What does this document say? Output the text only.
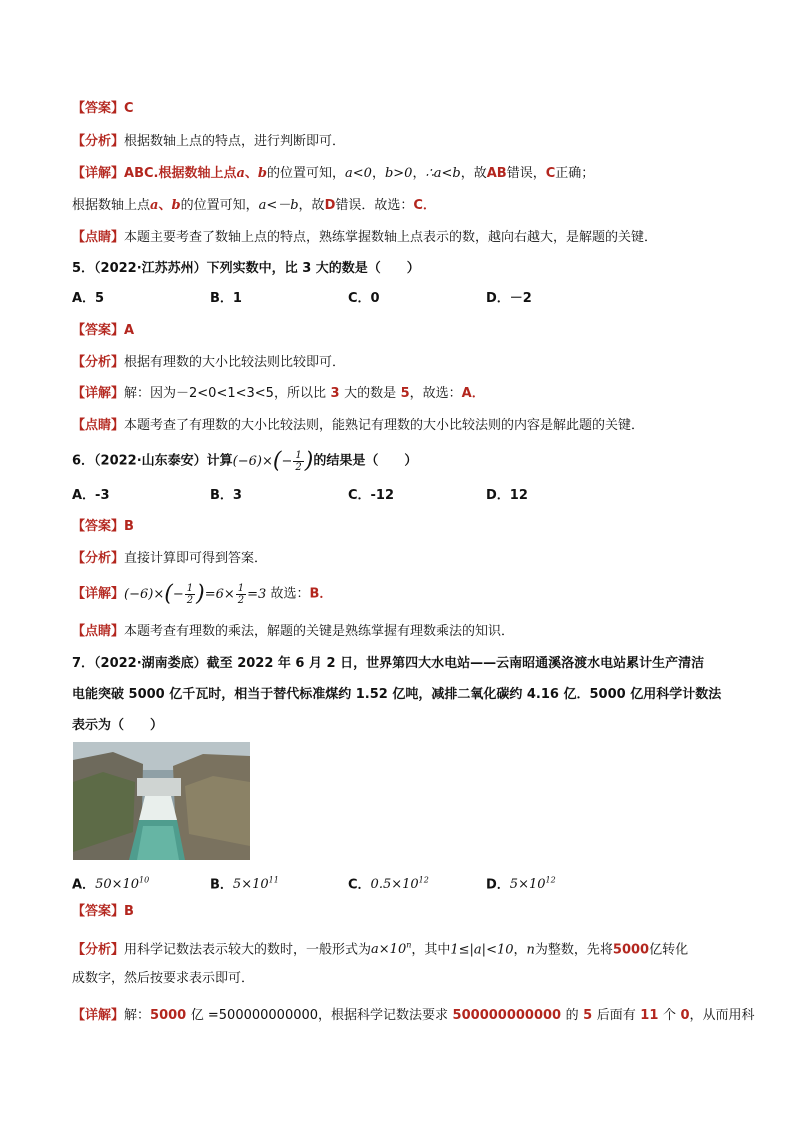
【答案】C
【分析】根据数轴上点的特点，进行判断即可．
【详解】ABC.根据数轴上点a、b的位置可知，a<0，b>0，∴a<b，故AB错误，C正确；
根据数轴上点a、b的位置可知，a<－b，故D错误．故选：C．
【点睛】本题主要考查了数轴上点的特点，熟练掌握数轴上点表示的数，越向右越大，是解题的关键．
5．（2022·江苏苏州）下列实数中，比 3 大的数是（　　）
A．5	B．1	C．0	D．－2
【答案】A
【分析】根据有理数的大小比较法则比较即可．
【详解】解：因为－2<0<1<3<5，所以比 3 大的数是 5，故选：A．
【点睛】本题考查了有理数的大小比较法则，能熟记有理数的大小比较法则的内容是解此题的关键．
6．（2022·山东泰安）计算$(-6)\times(- \frac{1}{2}$ )的结果是（　　）
A．-3	B．3	C．-12	D．12
【答案】B
【分析】直接计算即可得到答案．
【详解】$(-6)\times(- \frac{1}{2} )=6\times \frac{1}{2} =3$ 故选：B．
【点睛】本题考查有理数的乘法，解题的关键是熟练掌握有理数乘法的知识．
7．（2022·湖南娄底）截至 2022 年 6 月 2 日，世界第四大水电站——云南昭通溪洛渡水电站累计生产清洁
电能突破 5000 亿千瓦时，相当于替代标准煤约 1.52 亿吨，减排二氧化碳约 4.16 亿．5000 亿用科学计数法
表示为（　　）
A．$50\times 10^{10}$	B．$5\times 10^{11}$	C．$0.5\times 10^{12}$	D．$5\times 10^{12}$
【答案】B
【分析】用科学记数法表示较大的数时，一般形式为$a\times 10^n$，其中1≤|a|<10，n为整数，先将5000亿转化
成数字，然后按要求表示即可．
【详解】解：5000 亿 =500000000000，根据科学记数法要求 500000000000 的 5 后面有 11 个 0，从而用科
